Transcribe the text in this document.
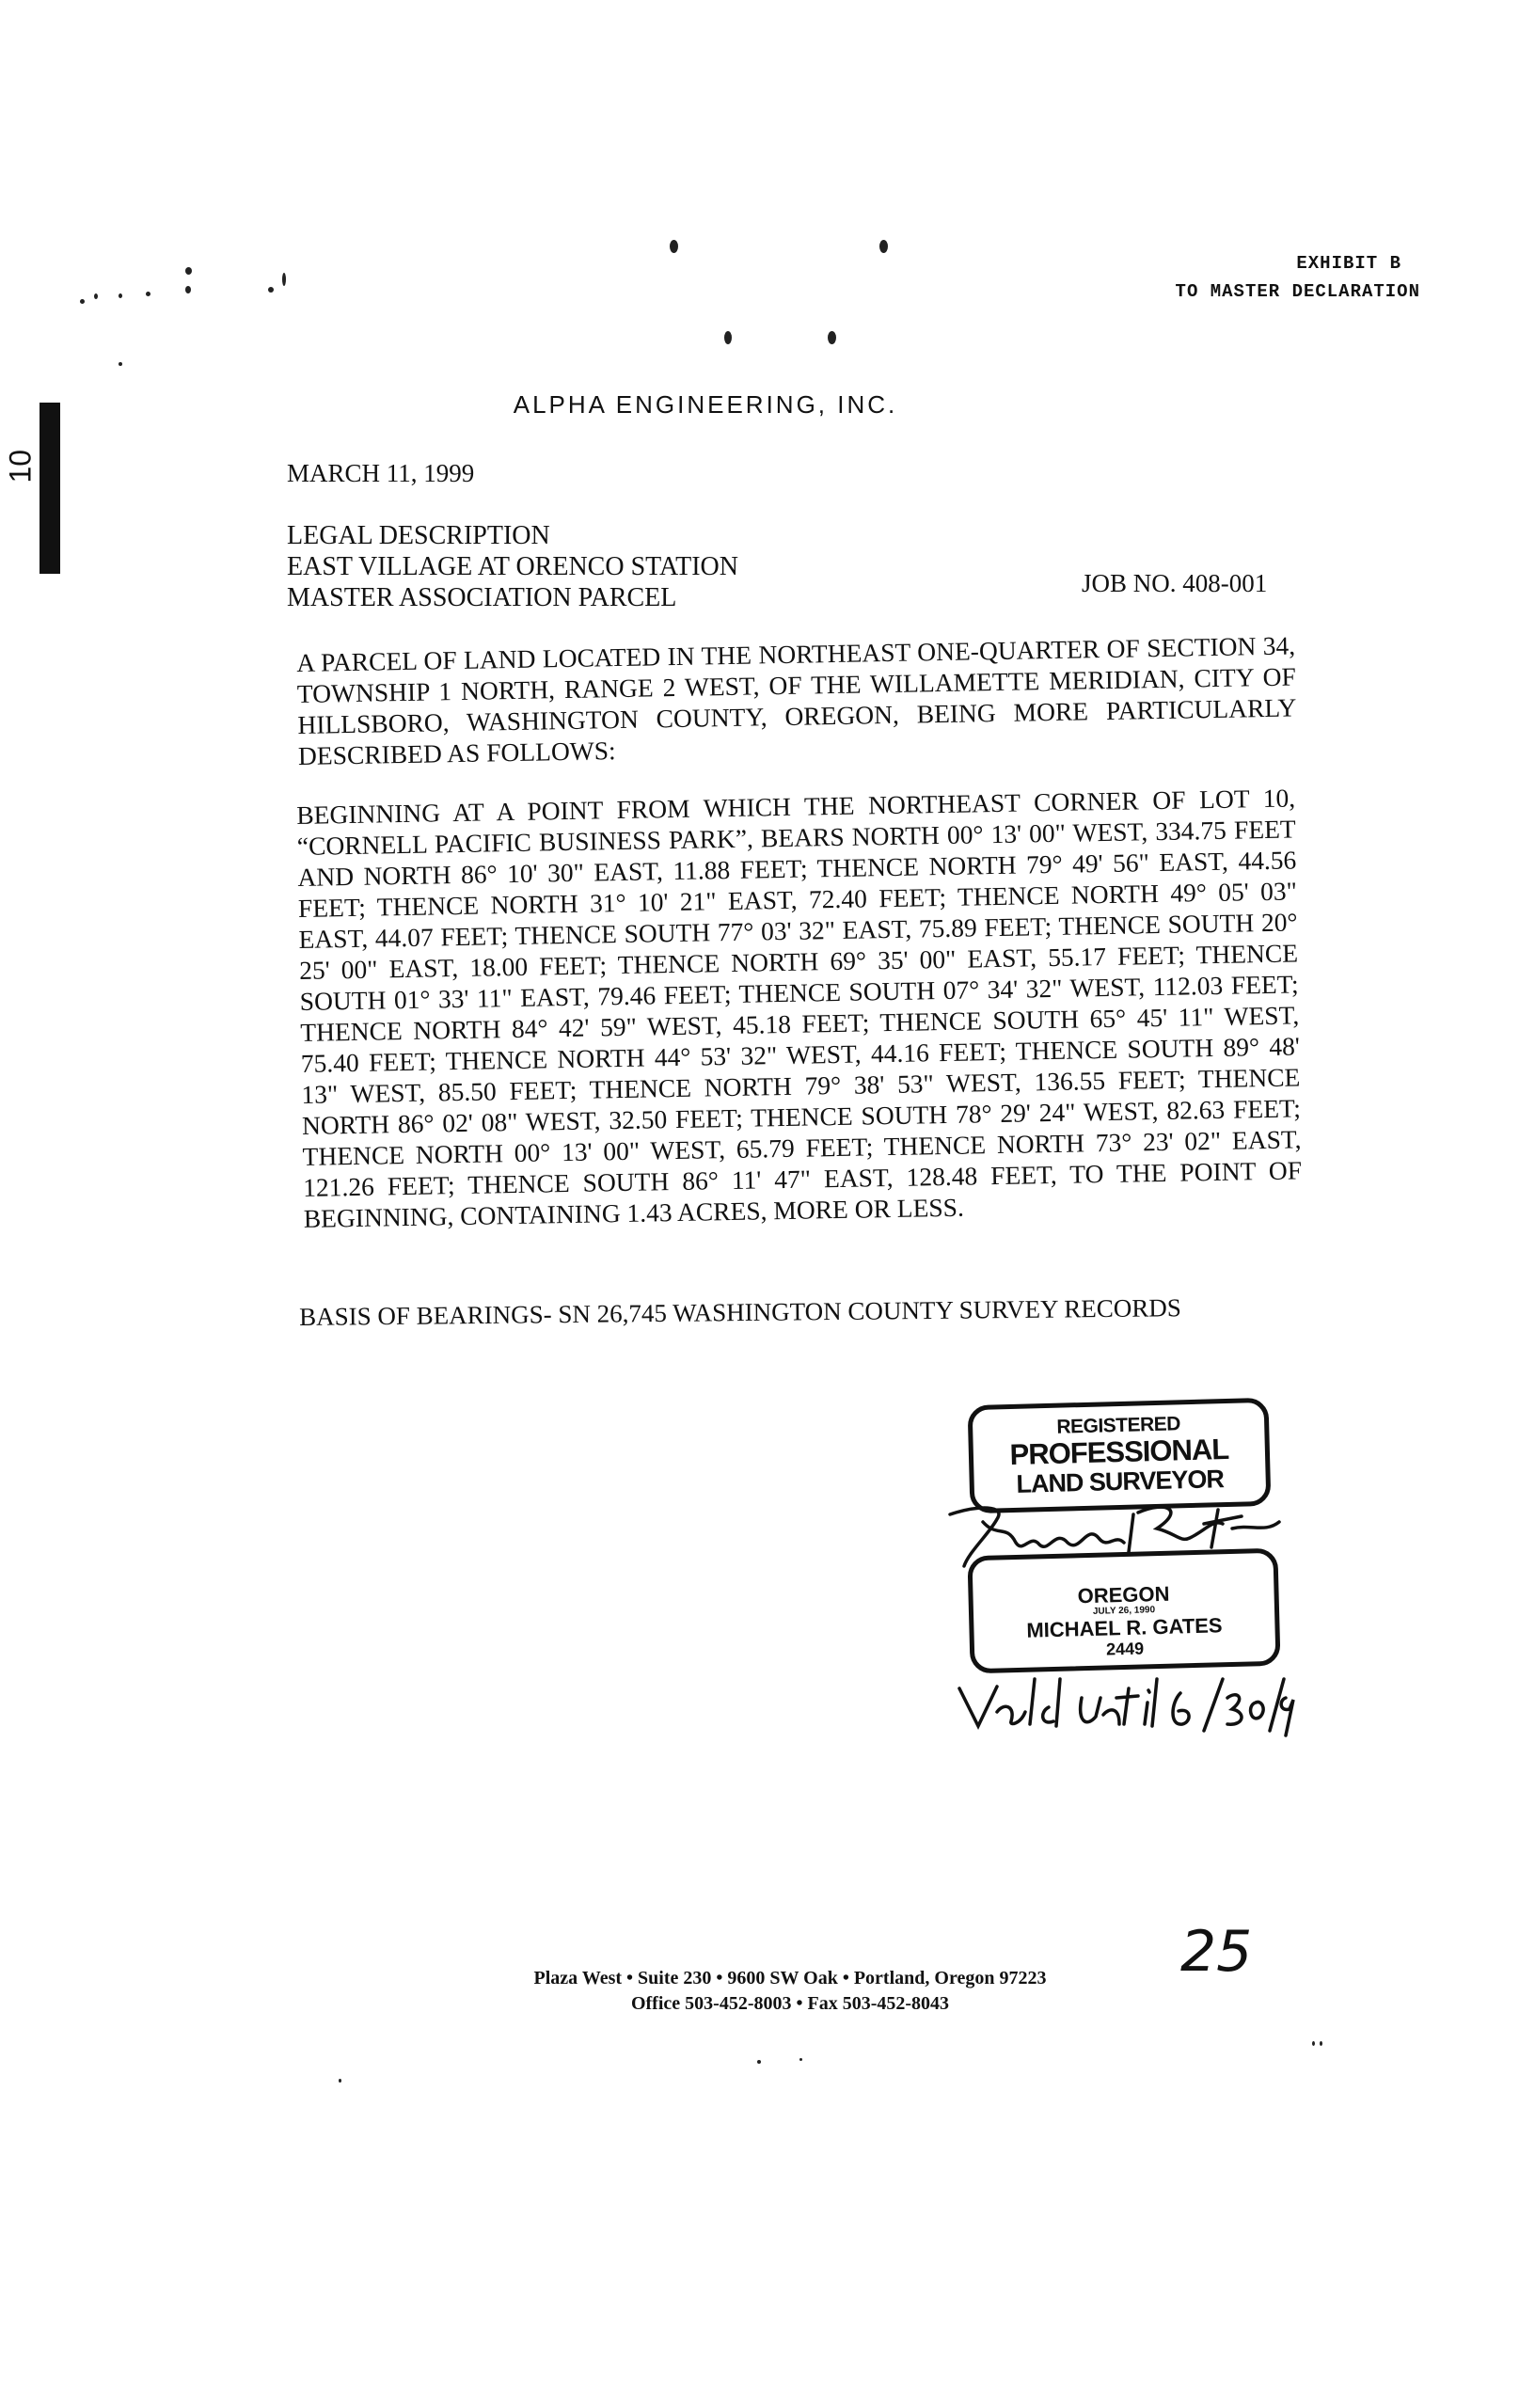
EXHIBIT B
TO MASTER DECLARATION
10
ALPHA ENGINEERING, INC.
MARCH 11, 1999
LEGAL DESCRIPTION
EAST VILLAGE AT ORENCO STATION
MASTER ASSOCIATION PARCEL	JOB NO. 408-001
A PARCEL OF LAND LOCATED IN THE NORTHEAST ONE-QUARTER OF SECTION 34, TOWNSHIP 1 NORTH, RANGE 2 WEST, OF THE WILLAMETTE MERIDIAN, CITY OF HILLSBORO, WASHINGTON COUNTY, OREGON, BEING MORE PARTICULARLY DESCRIBED AS FOLLOWS:
BEGINNING AT A POINT FROM WHICH THE NORTHEAST CORNER OF LOT 10, “CORNELL PACIFIC BUSINESS PARK”, BEARS NORTH 00° 13' 00" WEST, 334.75 FEET AND NORTH 86° 10' 30" EAST, 11.88 FEET; THENCE NORTH 79° 49' 56" EAST, 44.56 FEET; THENCE NORTH 31° 10' 21" EAST, 72.40 FEET; THENCE NORTH 49° 05' 03" EAST, 44.07 FEET; THENCE SOUTH 77° 03' 32" EAST, 75.89 FEET; THENCE SOUTH 20° 25' 00" EAST, 18.00 FEET; THENCE NORTH 69° 35' 00" EAST, 55.17 FEET; THENCE SOUTH 01° 33' 11" EAST, 79.46 FEET; THENCE SOUTH 07° 34' 32" WEST, 112.03 FEET; THENCE NORTH 84° 42' 59" WEST, 45.18 FEET; THENCE SOUTH 65° 45' 11" WEST, 75.40 FEET; THENCE NORTH 44° 53' 32" WEST, 44.16 FEET; THENCE SOUTH 89° 48' 13" WEST, 85.50 FEET; THENCE NORTH 79° 38' 53" WEST, 136.55 FEET; THENCE NORTH 86° 02' 08" WEST, 32.50 FEET; THENCE SOUTH 78° 29' 24" WEST, 82.63 FEET; THENCE NORTH 00° 13' 00" WEST, 65.79 FEET; THENCE NORTH 73° 23' 02" EAST, 121.26 FEET; THENCE SOUTH 86° 11' 47" EAST, 128.48 FEET, TO THE POINT OF BEGINNING, CONTAINING 1.43 ACRES, MORE OR LESS.
BASIS OF BEARINGS- SN 26,745 WASHINGTON COUNTY SURVEY RECORDS
REGISTERED
PROFESSIONAL
LAND SURVEYOR
OREGON
JULY 26, 1990
MICHAEL R. GATES
2449
25
Plaza West • Suite 230 • 9600 SW Oak • Portland, Oregon 97223
Office 503-452-8003 • Fax 503-452-8043
